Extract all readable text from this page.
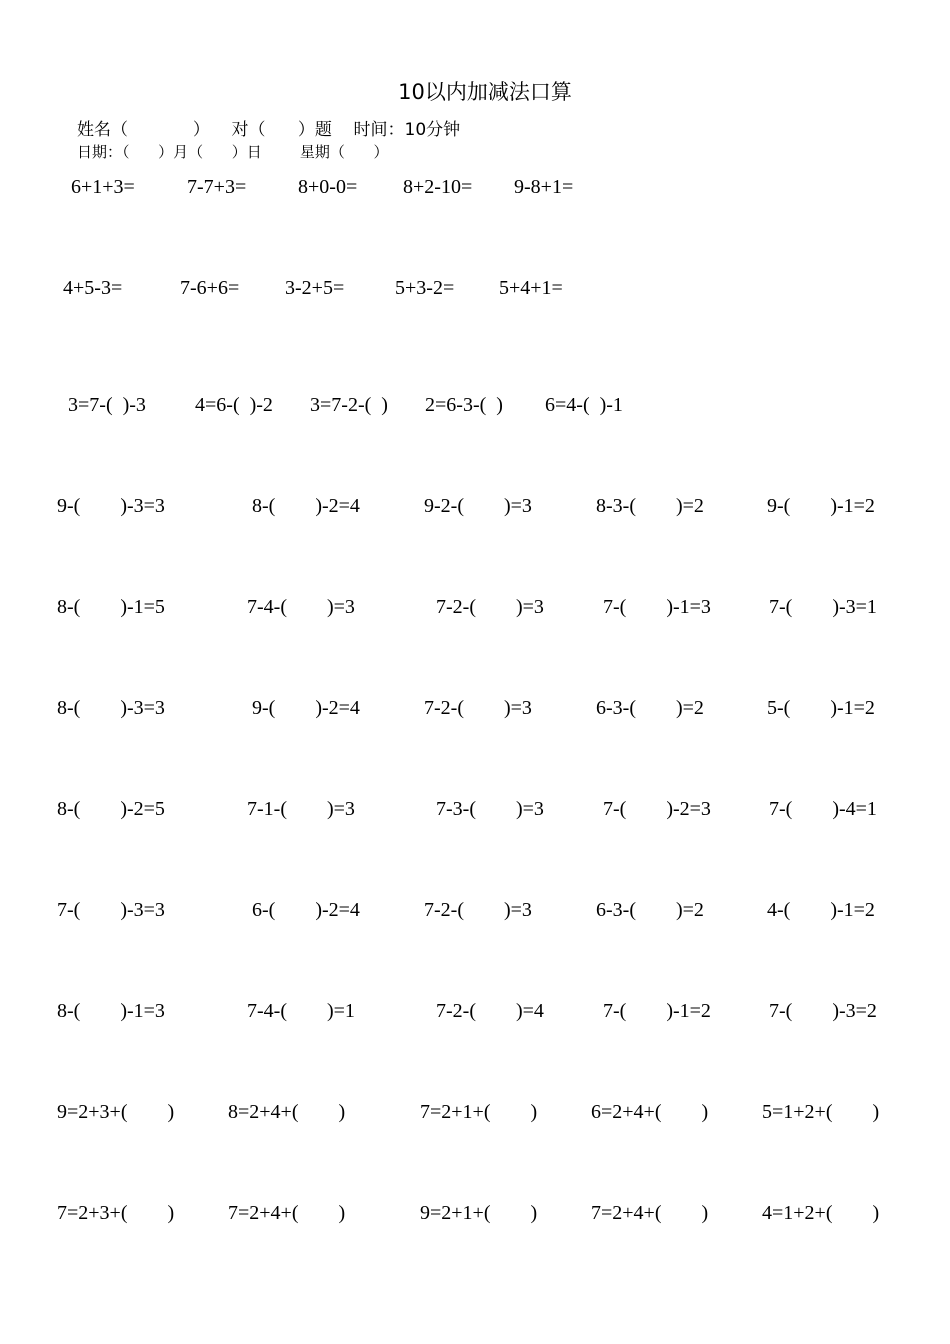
10以内加减法口算
姓名（            ）    对（      ）题    时间：10分钟
日期：（      ）月（      ）日        星期（      ）
6+1+3=	7-7+3=	8+0-0= 8+2-10= 9-8+1=
4+5-3=	7-6+6= 3-2+5=	5+3-2= 5+4+1=
3=7-(  )-3 4=6-(  )-2 3=7-2-(  ) 2=6-3-(  ) 6=4-(  )-1
9-(        )-3=3	8-(        )-2=4	9-2-(        )=3	8-3-(        )=2	9-(        )-1=2
8-(        )-1=5	7-4-(        )=3	7-2-(        )=3	7-(        )-1=3	7-(        )-3=1
8-(        )-3=3	9-(        )-2=4	7-2-(        )=3	6-3-(        )=2	5-(        )-1=2
8-(        )-2=5	7-1-(        )=3	7-3-(        )=3	7-(        )-2=3	7-(        )-4=1
7-(        )-3=3	6-(        )-2=4	7-2-(        )=3	6-3-(        )=2	4-(        )-1=2
8-(        )-1=3	7-4-(        )=1	7-2-(        )=4	7-(        )-1=2	7-(        )-3=2
9=2+3+(        )	8=2+4+(        )	7=2+1+(        )	6=2+4+(        )	5=1+2+(        )
7=2+3+(        )	7=2+4+(        )	9=2+1+(        )	7=2+4+(        )	4=1+2+(        )
